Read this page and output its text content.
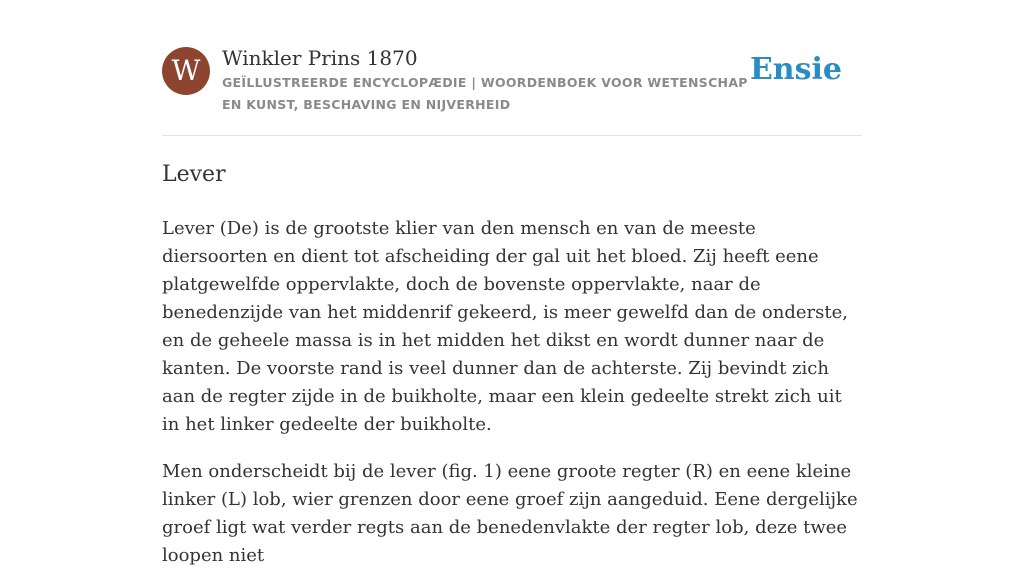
W	Winkler Prins 1870
GEÏLLUSTREERDE ENCYCLOPÆDIE | WOORDENBOEK VOOR WETENSCHAP EN KUNST, BESCHAVING EN NIJVERHEID
Ensie
Lever

Lever (De) is de grootste klier van den mensch en van de meeste diersoorten en dient tot afscheiding der gal uit het bloed. Zij heeft eene platgewelfde oppervlakte, doch de bovenste oppervlakte, naar de benedenzijde van het middenrif gekeerd, is meer gewelfd dan de onderste, en de geheele massa is in het midden het dikst en wordt dunner naar de kanten. De voorste rand is veel dunner dan de achterste. Zij bevindt zich aan de regter zijde in de buikholte, maar een klein gedeelte strekt zich uit in het linker gedeelte der buikholte.

Men onderscheidt bij de lever (fig. 1) eene groote regter (R) en eene kleine linker (L) lob, wier grenzen door eene groef zijn aangeduid. Eene dergelijke groef ligt wat verder regts aan de benedenvlakte der regter lob, deze twee loopen niet
